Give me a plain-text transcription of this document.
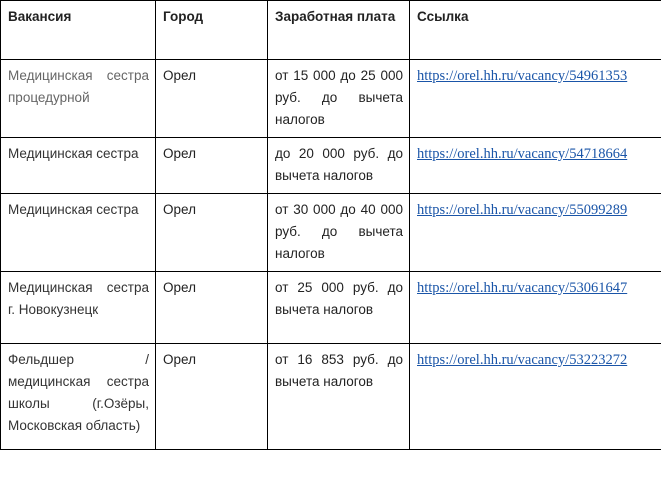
Вакансия	Город	Заработная плата	Ссылка
Медицинская сестра процедурной	Орел	от 15 000 до 25 000 руб. до вычета налогов	https://orel.hh.ru/vacancy/54961353
Медицинская сестра	Орел	до 20 000 руб. до вычета налогов	https://orel.hh.ru/vacancy/54718664
Медицинская сестра	Орел	от 30 000 до 40 000 руб. до вычета налогов	https://orel.hh.ru/vacancy/55099289
Медицинская сестра г. Новокузнецк	Орел	от 25 000 руб. до вычета налогов	https://orel.hh.ru/vacancy/53061647
Фельдшер / медицинская сестра школы (г.Озёры, Московская область)	Орел	от 16 853 руб. до вычета налогов	https://orel.hh.ru/vacancy/53223272
